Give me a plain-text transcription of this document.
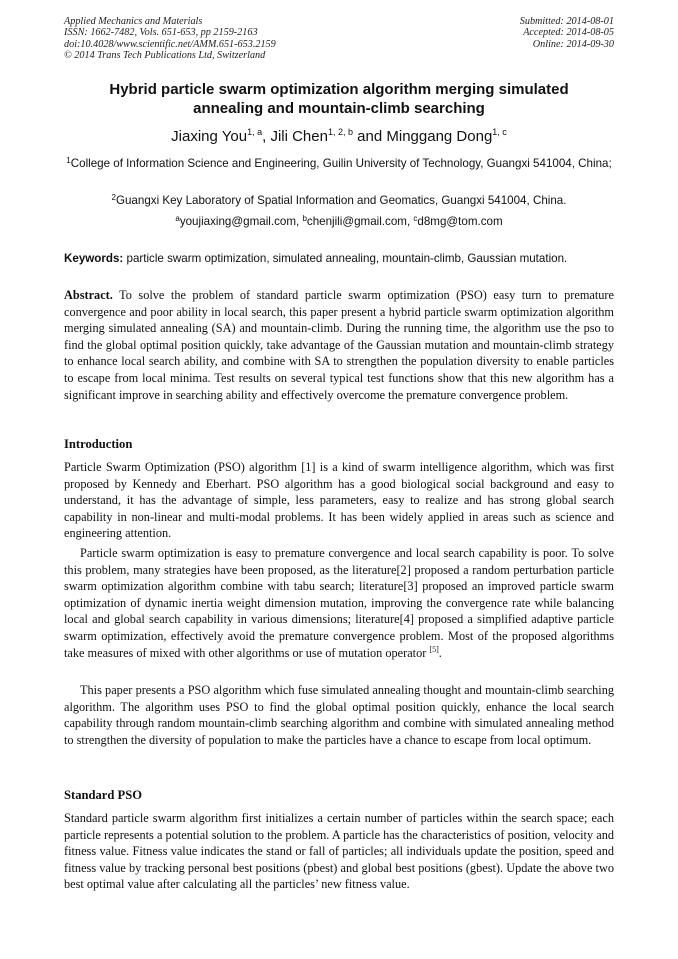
Applied Mechanics and Materials
ISSN: 1662-7482, Vols. 651-653, pp 2159-2163
doi:10.4028/www.scientific.net/AMM.651-653.2159
© 2014 Trans Tech Publications Ltd, Switzerland
Submitted: 2014-08-01
Accepted: 2014-08-05
Online: 2014-09-30
Hybrid particle swarm optimization algorithm merging simulated
annealing and mountain-climb searching
Jiaxing You$^{1, a}$, Jili Chen$^{1, 2, b}$ and Minggang Dong$^{1, c}$
$^1$College of Information Science and Engineering, Guilin University of Technology, Guangxi 541004, China;
$^2$Guangxi Key Laboratory of Spatial Information and Geomatics, Guangxi 541004, China.
$^a$youjiaxing@gmail.com, $^b$chenjili@gmail.com, $^c$d8mg@tom.com
Keywords: particle swarm optimization, simulated annealing, mountain-climb, Gaussian mutation.

Abstract. To solve the problem of standard particle swarm optimization (PSO) easy turn to premature convergence and poor ability in local search, this paper present a hybrid particle swarm optimization algorithm merging simulated annealing (SA) and mountain-climb. During the running time, the algorithm use the pso to find the global optimal position quickly, take advantage of the Gaussian mutation and mountain-climb strategy to enhance local search ability, and combine with SA to strengthen the population diversity to enable particles to escape from local minima. Test results on several typical test functions show that this new algorithm has a significant improve in searching ability and effectively overcome the premature convergence problem.

Introduction

Particle Swarm Optimization (PSO) algorithm [1] is a kind of swarm intelligence algorithm, which was first proposed by Kennedy and Eberhart. PSO algorithm has a good biological social background and easy to understand, it has the advantage of simple, less parameters, easy to realize and has strong global search capability in non-linear and multi-modal problems. It has been widely applied in areas such as science and engineering attention.

Particle swarm optimization is easy to premature convergence and local search capability is poor. To solve this problem, many strategies have been proposed, as the literature[2] proposed a random perturbation particle swarm optimization algorithm combine with tabu search; literature[3] proposed an improved particle swarm optimization of dynamic inertia weight dimension mutation, improving the convergence rate while balancing local and global search capability in various dimensions; literature[4] proposed a simplified adaptive particle swarm optimization, effectively avoid the premature convergence problem. Most of the proposed algorithms take measures of mixed with other algorithms or use of mutation operator [5].

This paper presents a PSO algorithm which fuse simulated annealing thought and mountain-climb searching algorithm. The algorithm uses PSO to find the global optimal position quickly, enhance the local search capability through random mountain-climb searching algorithm and combine with simulated annealing method to strengthen the diversity of population to make the particles have a chance to escape from local optimum.

Standard PSO

Standard particle swarm algorithm first initializes a certain number of particles within the search space; each particle represents a potential solution to the problem. A particle has the characteristics of position, velocity and fitness value. Fitness value indicates the stand or fall of particles; all individuals update the position, speed and fitness value by tracking personal best positions (pbest) and global best positions (gbest). Update the above two best optimal value after calculating all the particles’ new fitness value.
